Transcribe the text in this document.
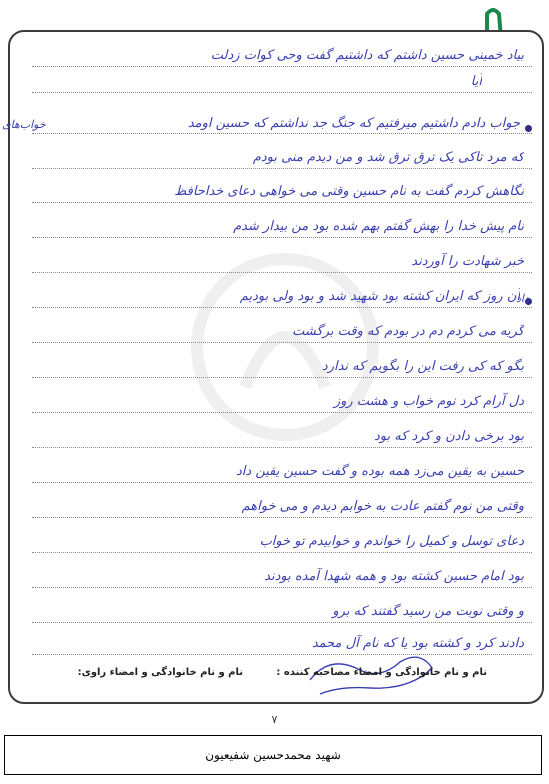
بیاد خمینی حسین داشتم که داشتیم گفت وحی کوات زدلت
آیا
جواب دادم داشتیم میرفتیم که جنگ جد نداشتم که حسین اومد
که مرد تاکی یک ترق ترق شد و من دیدم منی بودم
نگاهش کردم گفت به نام حسین وقتی می خواهی دعای خداحافظ
نام پیش خدا را بهش گفتم بهم شده بود من بیدار شدم
خبر شهادت را آوردند
آن روز که ایران کشته بود شهید شد و بود ولی بودیم
گریه می کردم دم در بودم که وقت برگشت
بگو که کی رفت این را بگویم که ندارد
دل آرام کرد نوم خواب و هشت روز
بود برخی دادن و کرد که بود
حسین به یقین می‌زد همه بوده و گفت حسین یقین داد
وقتی من نوم گفتم عادت به خوابم دیدم و می خواهم
دعای توسل و کمیل را خواندم و خوابیدم تو خواب
بود امام حسین کشته بود و همه شهدا آمده بودند
و وقتی نوبت من رسید گفتند که برو
دادند کرد و کشته بود یا که نام آل محمد
خواب‌های
داد
نام و نام خانوادگی و امضاء مصاحبه کننده :
نام و نام خانوادگی و امضاء راوی:
۷
شهید محمدحسین شفیعیون
